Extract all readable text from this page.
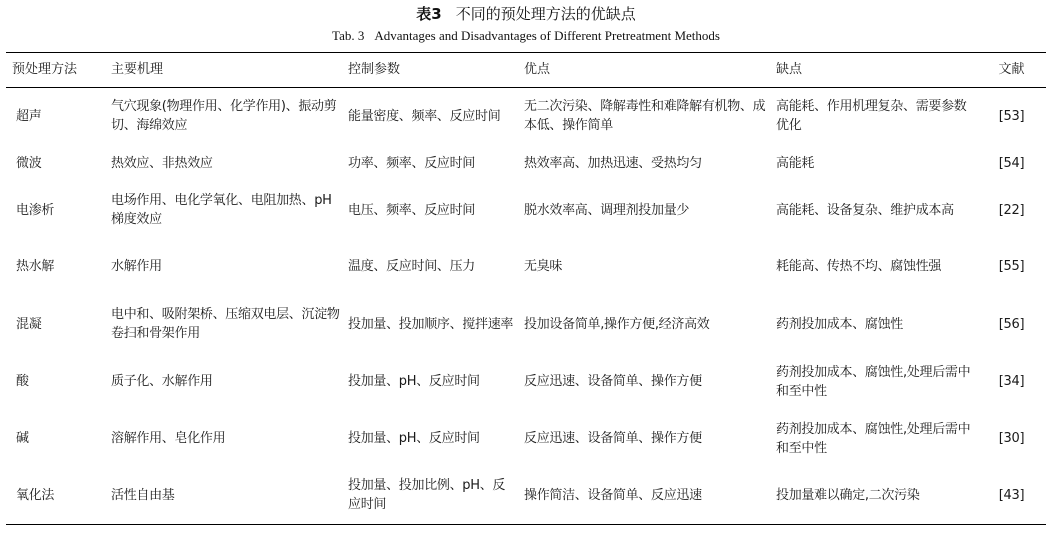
表3 不同的预处理方法的优缺点
Tab. 3 Advantages and Disadvantages of Different Pretreatment Methods
预处理方法	主要机理	控制参数	优点	缺点	文献
超声	气穴现象(物理作用、化学作用)、振动剪切、海绵效应	能量密度、频率、反应时间	无二次污染、降解毒性和难降解有机物、成本低、操作简单	高能耗、作用机理复杂、需要参数优化	[53]
微波	热效应、非热效应	功率、频率、反应时间	热效率高、加热迅速、受热均匀	高能耗	[54]
电渗析	电场作用、电化学氧化、电阻加热、pH 梯度效应	电压、频率、反应时间	脱水效率高、调理剂投加量少	高能耗、设备复杂、维护成本高	[22]
热水解	水解作用	温度、反应时间、压力	无臭味	耗能高、传热不均、腐蚀性强	[55]
混凝	电中和、吸附架桥、压缩双电层、沉淀物卷扫和骨架作用	投加量、投加顺序、搅拌速率	投加设备简单,操作方便,经济高效	药剂投加成本、腐蚀性	[56]
酸	质子化、水解作用	投加量、pH、反应时间	反应迅速、设备简单、操作方便	药剂投加成本、腐蚀性,处理后需中和至中性	[34]
碱	溶解作用、皂化作用	投加量、pH、反应时间	反应迅速、设备简单、操作方便	药剂投加成本、腐蚀性,处理后需中和至中性	[30]
氧化法	活性自由基	投加量、投加比例、pH、反应时间	操作简洁、设备简单、反应迅速	投加量难以确定,二次污染	[43]
